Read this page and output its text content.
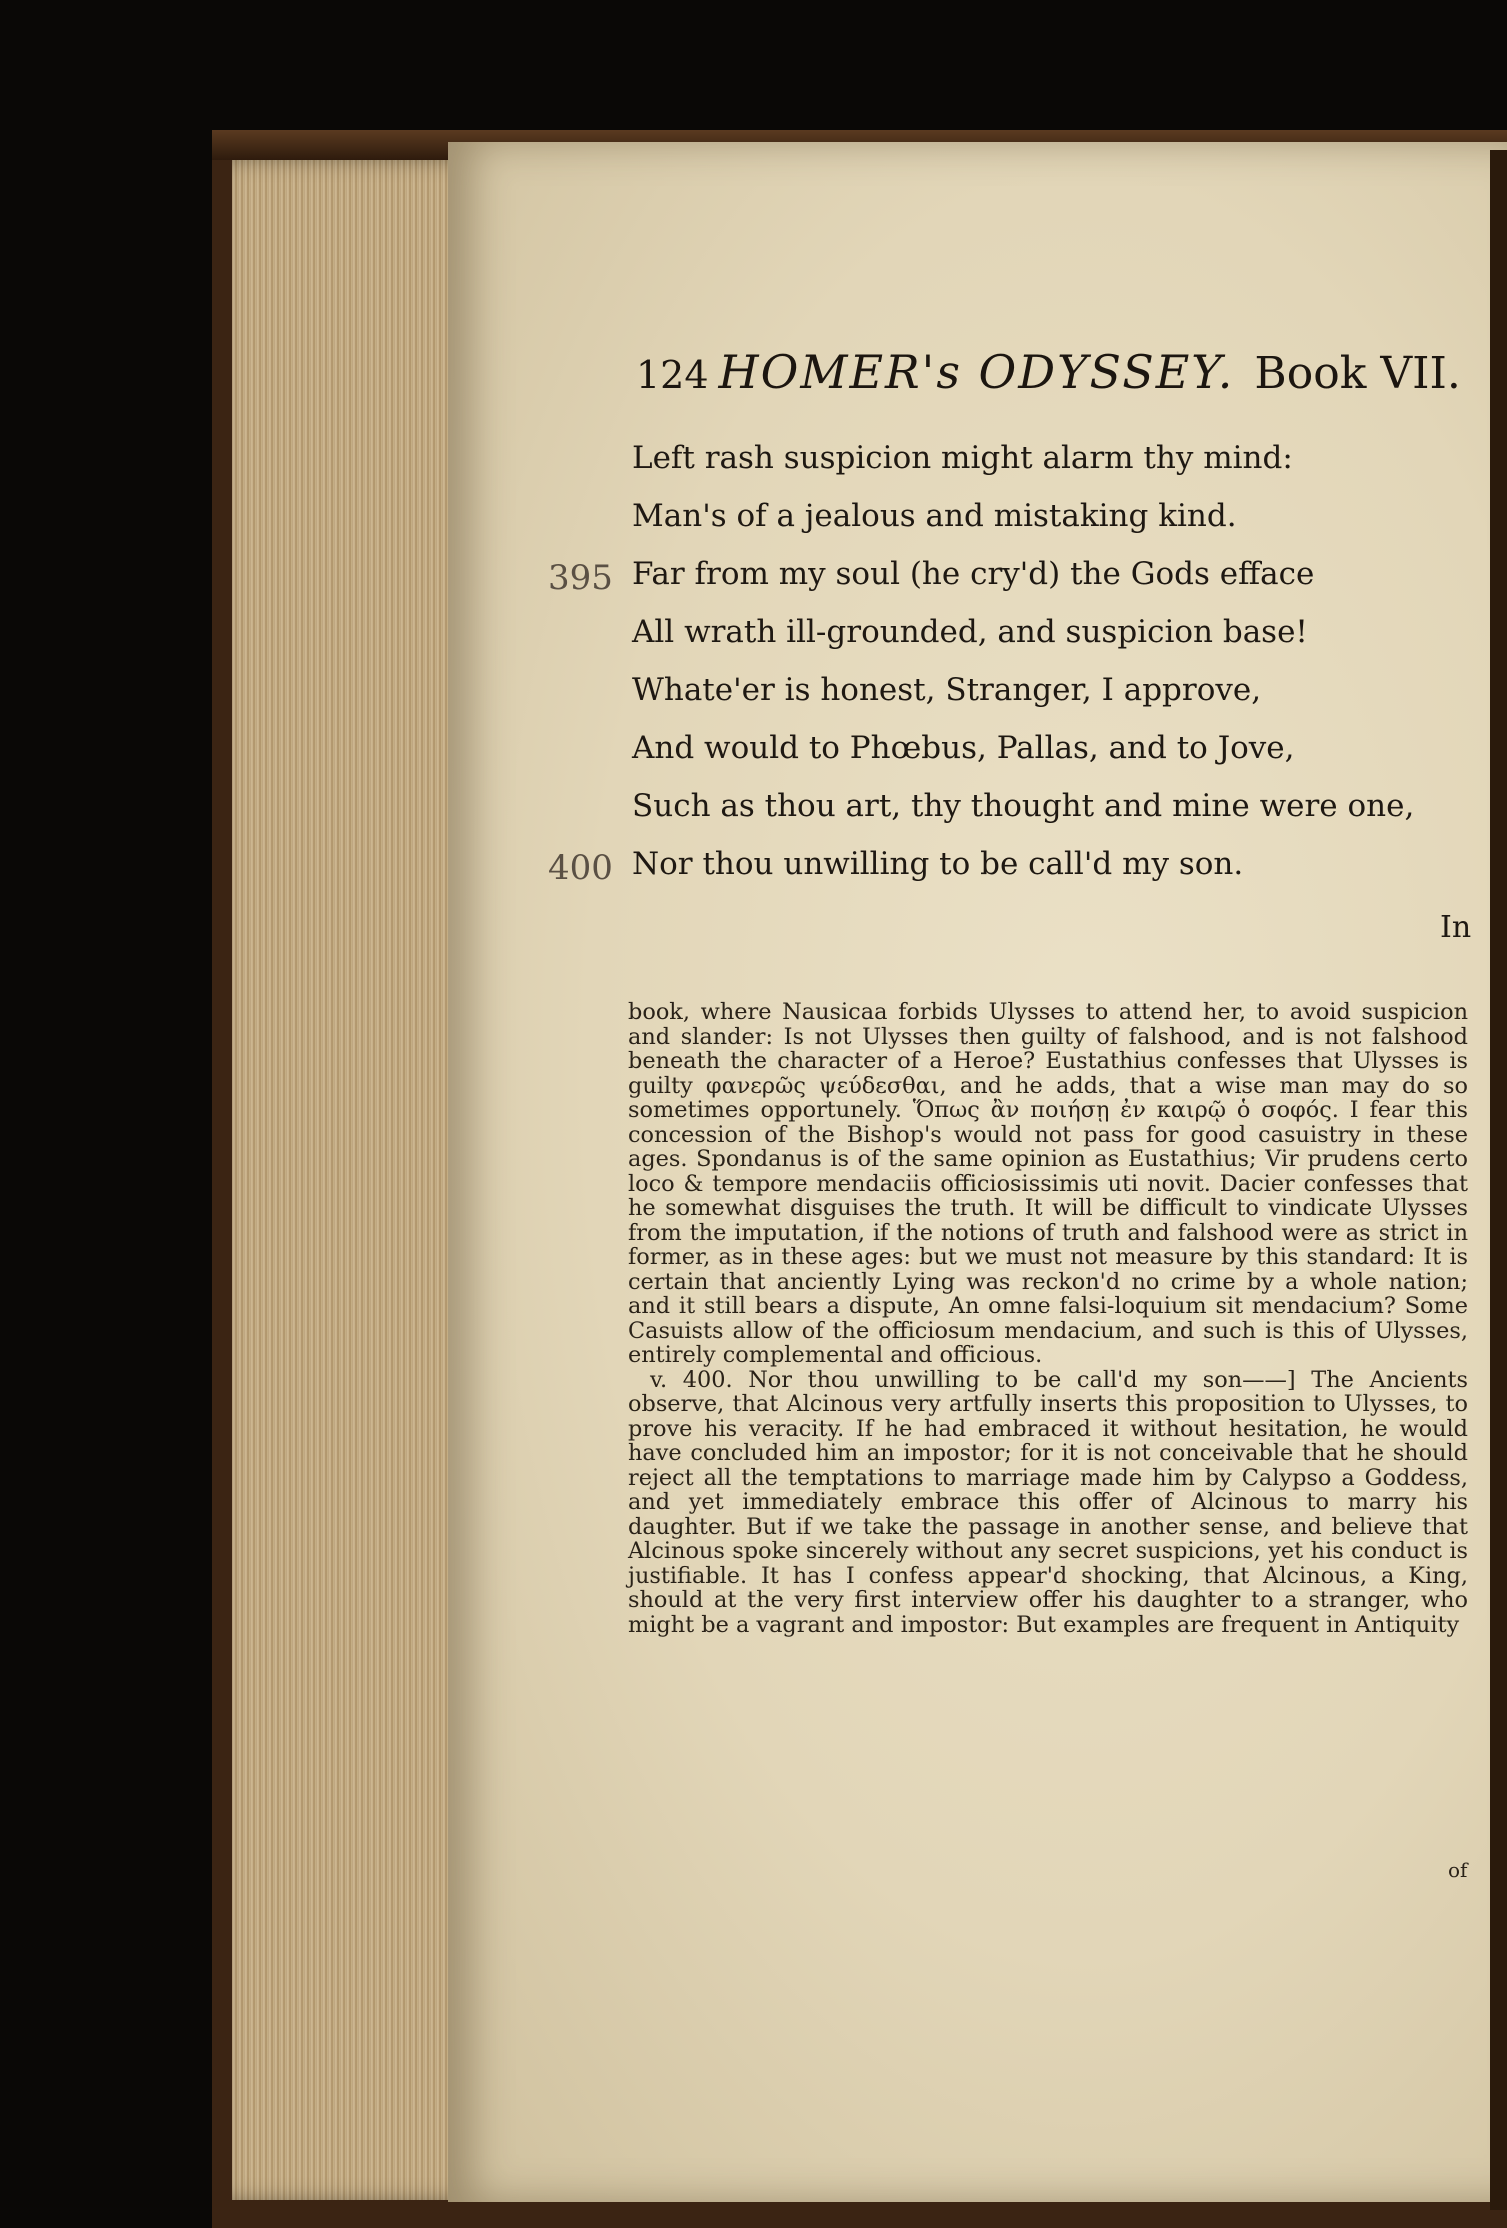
124 HOMER's ODYSSEY. Book VII.
Left rash suspicion might alarm thy mind:
Man's of a jealous and mistaking kind.
395 Far from my soul (he cry'd) the Gods efface
All wrath ill-grounded, and suspicion base!
Whate'er is honest, Stranger, I approve,
And would to Phœbus, Pallas, and to Jove,
Such as thou art, thy thought and mine were one,
400 Nor thou unwilling to be call'd my son.
In

book, where Nausicaa forbids Ulysses to attend her, to avoid suspicion and slander: Is not Ulysses then guilty of falshood, and is not falshood beneath the character of a Heroe? Eustathius confesses that Ulysses is guilty φανερῶς ψεύδεσθαι, and he adds, that a wise man may do so sometimes opportunely. Ὅπως ἂν ποιήσῃ ἐν καιρῷ ὁ σοφός. I fear this concession of the Bishop's would not pass for good casuistry in these ages. Spondanus is of the same opinion as Eustathius; Vir prudens certo loco & tempore mendaciis officiosissimis uti novit. Dacier confesses that he somewhat disguises the truth. It will be difficult to vindicate Ulysses from the imputation, if the notions of truth and falshood were as strict in former, as in these ages: but we must not measure by this standard: It is certain that anciently Lying was reckon'd no crime by a whole nation; and it still bears a dispute, An omne falsi-loquium sit mendacium? Some Casuists allow of the officiosum mendacium, and such is this of Ulysses, entirely complemental and officious.

v. 400. Nor thou unwilling to be call'd my son——] The Ancients observe, that Alcinous very artfully inserts this proposition to Ulysses, to prove his veracity. If he had embraced it without hesitation, he would have concluded him an impostor; for it is not conceivable that he should reject all the temptations to marriage made him by Calypso a Goddess, and yet immediately embrace this offer of Alcinous to marry his daughter. But if we take the passage in another sense, and believe that Alcinous spoke sincerely without any secret suspicions, yet his conduct is justifiable. It has I confess appear'd shocking, that Alcinous, a King, should at the very first interview offer his daughter to a stranger, who might be a vagrant and impostor: But examples are frequent in Antiquity

of
